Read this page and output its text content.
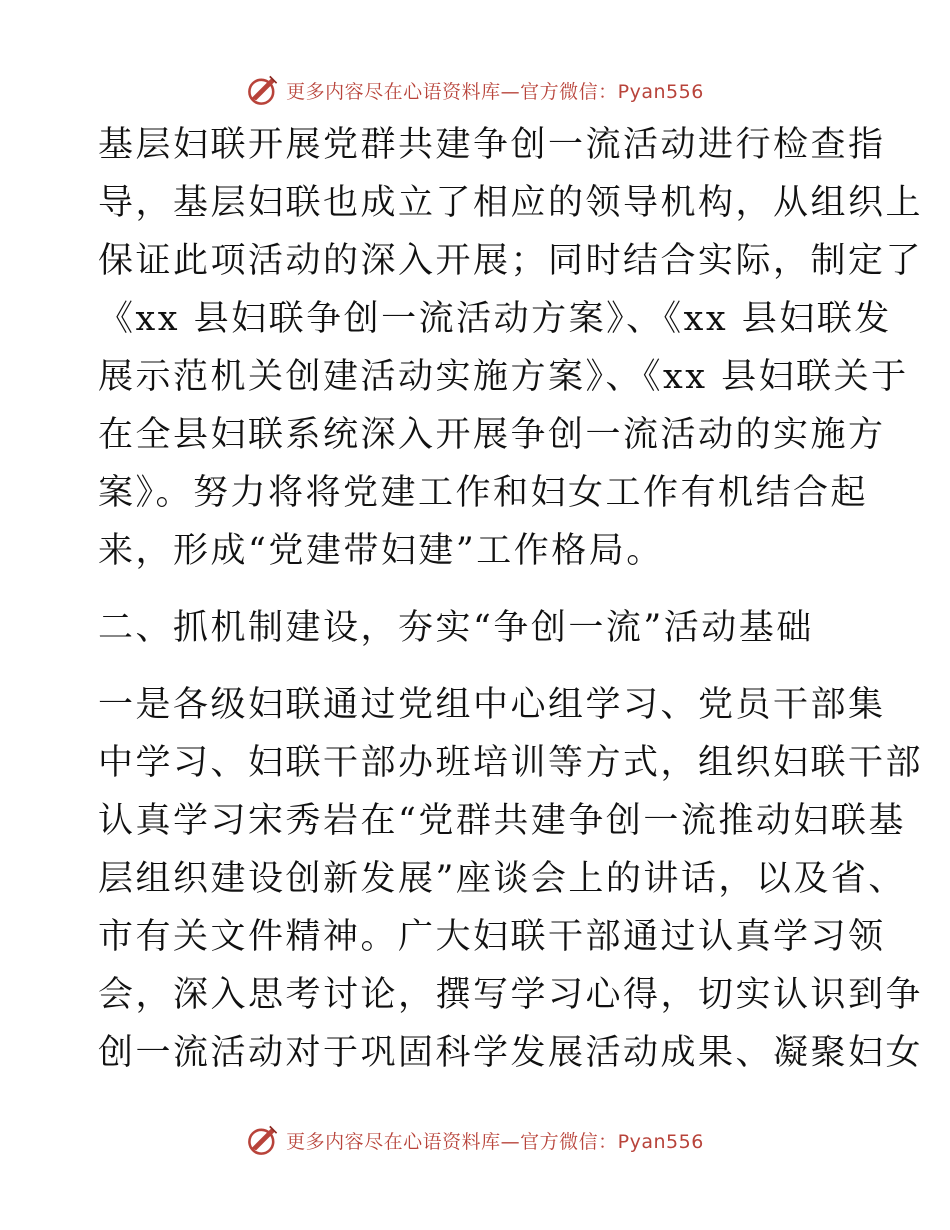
更多内容尽在心语资料库—官方微信：Pyan556
基层妇联开展党群共建争创一流活动进行检查指
导，基层妇联也成立了相应的领导机构，从组织上
保证此项活动的深入开展；同时结合实际，制定了
《xx 县妇联争创一流活动方案》、《xx 县妇联发
展示范机关创建活动实施方案》、《xx 县妇联关于
在全县妇联系统深入开展争创一流活动的实施方
案》。努力将将党建工作和妇女工作有机结合起
来，形成“党建带妇建”工作格局。
二、抓机制建设，夯实“争创一流”活动基础
一是各级妇联通过党组中心组学习、党员干部集
中学习、妇联干部办班培训等方式，组织妇联干部
认真学习宋秀岩在“党群共建争创一流推动妇联基
层组织建设创新发展”座谈会上的讲话，以及省、
市有关文件精神。广大妇联干部通过认真学习领
会，深入思考讨论，撰写学习心得，切实认识到争
创一流活动对于巩固科学发展活动成果、凝聚妇女
更多内容尽在心语资料库—官方微信：Pyan556
